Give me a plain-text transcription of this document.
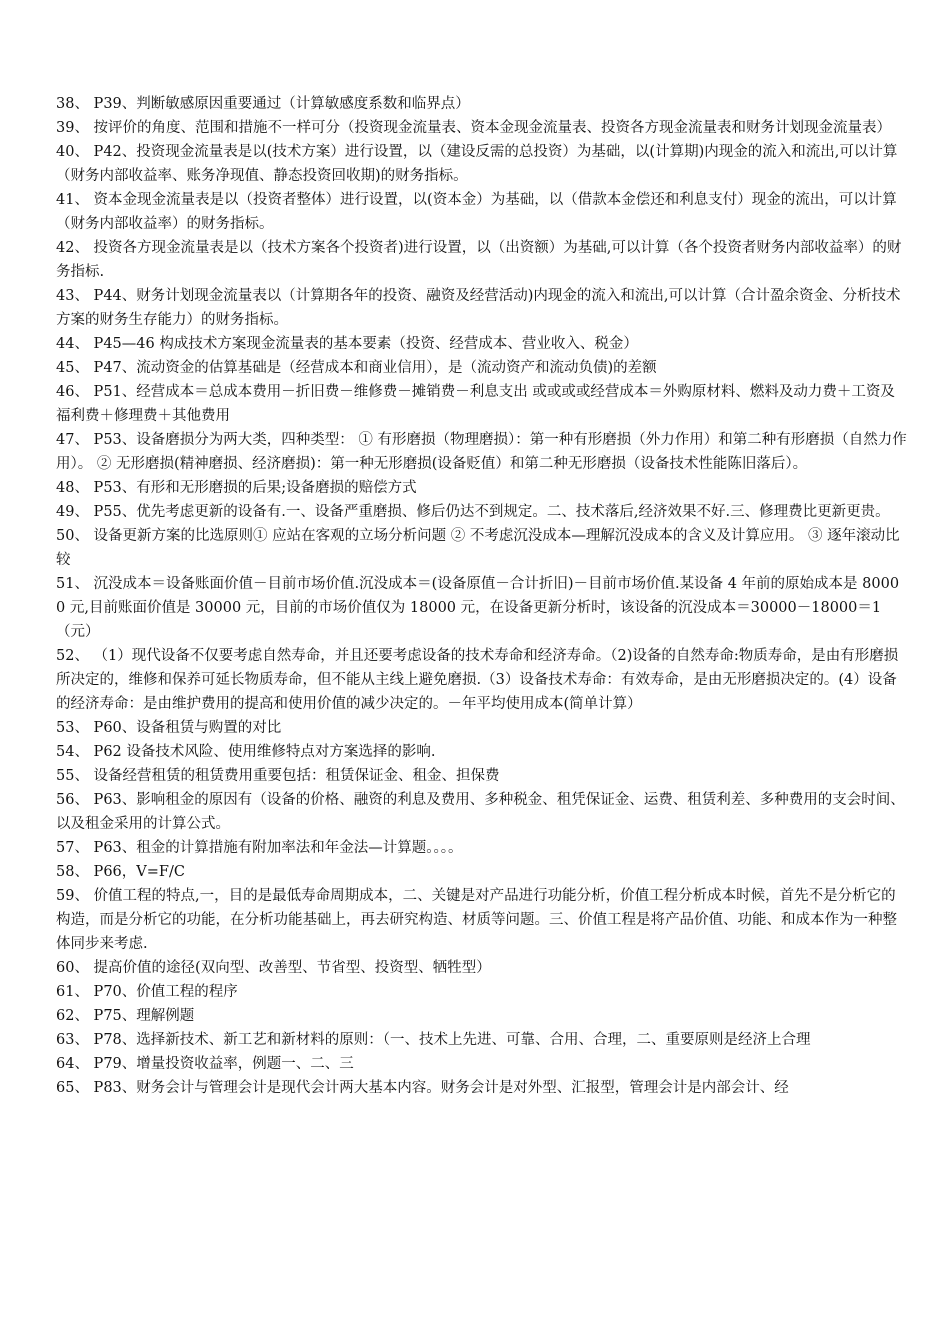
38、 P39、判断敏感原因重要通过（计算敏感度系数和临界点）

39、 按评价的角度、范围和措施不一样可分（投资现金流量表、资本金现金流量表、投资各方现金流量表和财务计划现金流量表）

40、 P42、投资现金流量表是以(技术方案）进行设置，以（建设反需的总投资）为基础，以(计算期)内现金的流入和流出,可以计算（财务内部收益率、账务净现值、静态投资回收期)的财务指标。

41、 资本金现金流量表是以（投资者整体）进行设置，以(资本金）为基础，以（借款本金偿还和利息支付）现金的流出，可以计算（财务内部收益率）的财务指标。

42、 投资各方现金流量表是以（技术方案各个投资者)进行设置，以（出资额）为基础,可以计算（各个投资者财务内部收益率）的财务指标.

43、 P44、财务计划现金流量表以（计算期各年的投资、融资及经营活动)内现金的流入和流出,可以计算（合计盈余资金、分析技术方案的财务生存能力）的财务指标。

44、 P45—46 构成技术方案现金流量表的基本要素（投资、经营成本、营业收入、税金）

45、 P47、流动资金的估算基础是（经营成本和商业信用），是（流动资产和流动负债)的差额

46、 P51、经营成本＝总成本费用－折旧费－维修费－摊销费－利息支出 或或或或经营成本＝外购原材料、燃料及动力费＋工资及福利费＋修理费＋其他费用

47、 P53、设备磨损分为两大类，四种类型： ① 有形磨损（物理磨损）：第一种有形磨损（外力作用）和第二种有形磨损（自然力作用）。 ② 无形磨损(精神磨损、经济磨损)：第一种无形磨损(设备贬值）和第二种无形磨损（设备技术性能陈旧落后）。

48、 P53、有形和无形磨损的后果;设备磨损的赔偿方式

49、 P55、优先考虑更新的设备有.一、设备严重磨损、修后仍达不到规定。二、技术落后,经济效果不好.三、修理费比更新更贵。

50、 设备更新方案的比选原则① 应站在客观的立场分析问题 ② 不考虑沉没成本—理解沉没成本的含义及计算应用。 ③ 逐年滚动比较

51、 沉没成本＝设备账面价值－目前市场价值.沉没成本＝(设备原值－合计折旧)－目前市场价值.某设备 4 年前的原始成本是 80000 元,目前账面价值是 30000 元，目前的市场价值仅为 18000 元，在设备更新分析时，该设备的沉没成本＝30000－18000＝1（元）

52、 （1）现代设备不仅要考虑自然寿命，并且还要考虑设备的技术寿命和经济寿命。（2)设备的自然寿命:物质寿命，是由有形磨损所决定的，维修和保养可延长物质寿命，但不能从主线上避免磨损.（3）设备技术寿命：有效寿命，是由无形磨损决定的。(4）设备的经济寿命：是由维护费用的提高和使用价值的减少决定的。－年平均使用成本(简单计算）

53、 P60、设备租赁与购置的对比

54、 P62 设备技术风险、使用维修特点对方案选择的影响.

55、 设备经营租赁的租赁费用重要包括：租赁保证金、租金、担保费

56、 P63、影响租金的原因有（设备的价格、融资的利息及费用、多种税金、租凭保证金、运费、租赁利差、多种费用的支会时间、以及租金采用的计算公式。

57、 P63、租金的计算措施有附加率法和年金法—计算题。。。。

58、 P66，V=F/C

59、 价值工程的特点,一，目的是最低寿命周期成本，二、关键是对产品进行功能分析，价值工程分析成本时候，首先不是分析它的构造，而是分析它的功能，在分析功能基础上，再去研究构造、材质等问题。三、价值工程是将产品价值、功能、和成本作为一种整体同步来考虑.

60、 提高价值的途径(双向型、改善型、节省型、投资型、牺牲型）

61、 P70、价值工程的程序

62、 P75、理解例题

63、 P78、选择新技术、新工艺和新材料的原则：（一、技术上先进、可靠、合用、合理，二、重要原则是经济上合理

64、 P79、增量投资收益率，例题一、二、三

65、 P83、财务会计与管理会计是现代会计两大基本内容。财务会计是对外型、汇报型，管理会计是内部会计、经
